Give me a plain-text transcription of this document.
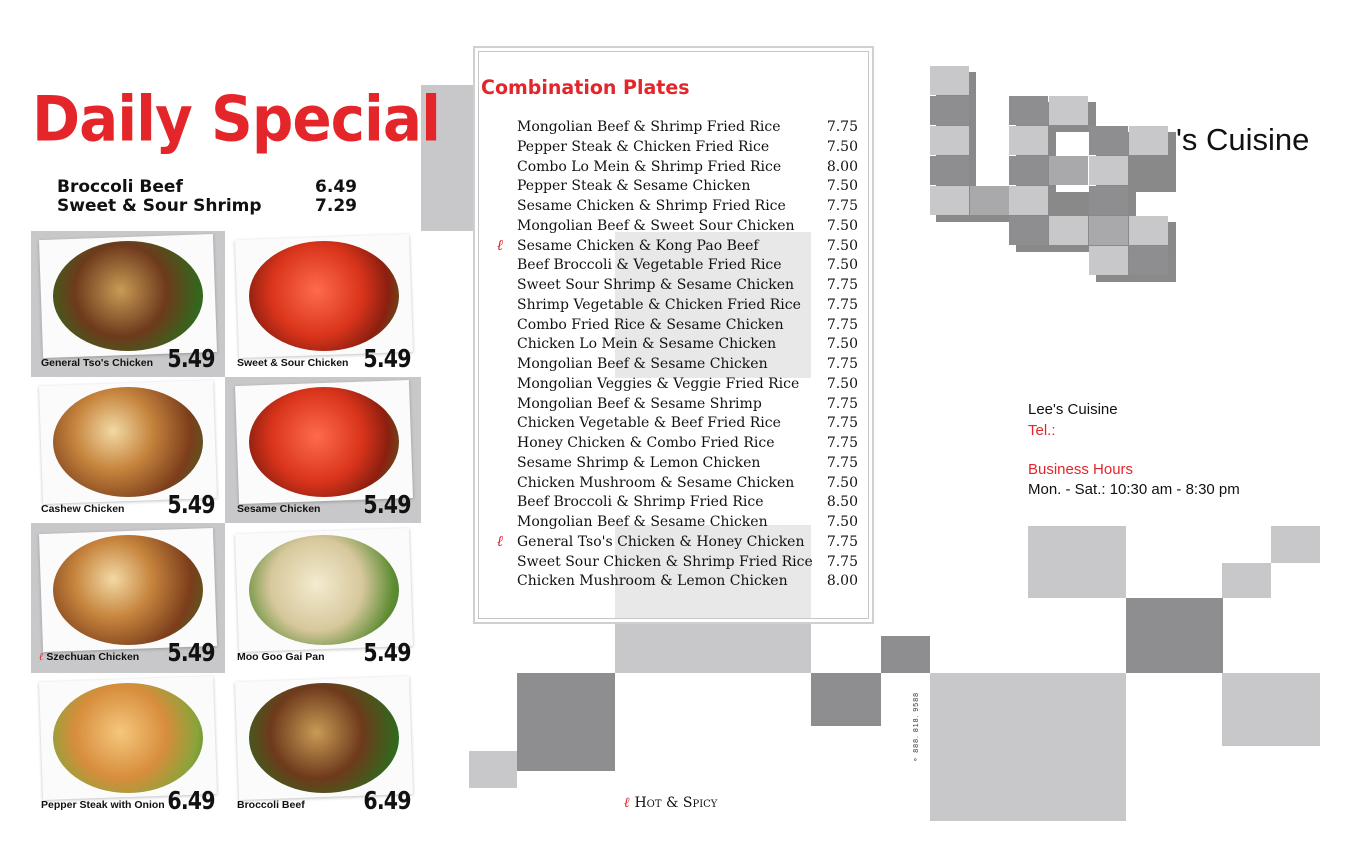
Daily Special
Broccoli Beef	6.49
Sweet & Sour Shrimp	7.29
General Tso's Chicken 5.49 Sweet & Sour Chicken 5.49
Cashew Chicken 5.49 Sesame Chicken 5.49
ℓ Szechuan Chicken 5.49 Moo Goo Gai Pan 5.49
Pepper Steak with Onion 6.49 Broccoli Beef 6.49
Combination Plates
Mongolian Beef & Shrimp Fried Rice	7.75
Pepper Steak & Chicken Fried Rice	7.50
Combo Lo Mein & Shrimp Fried Rice	8.00
Pepper Steak & Sesame Chicken	7.50
Sesame Chicken & Shrimp Fried Rice	7.75
Mongolian Beef & Sweet Sour Chicken 7.50
ℓ Sesame Chicken & Kong Pao Beef	7.50
Beef Broccoli & Vegetable Fried Rice	7.50
Sweet Sour Shrimp & Sesame Chicken 7.75
Shrimp Vegetable & Chicken Fried Rice 7.75
Combo Fried Rice & Sesame Chicken	7.75
Chicken Lo Mein & Sesame Chicken	7.50
Mongolian Beef & Sesame Chicken	7.75
Mongolian Veggies & Veggie Fried Rice 7.50
Mongolian Beef & Sesame Shrimp	7.75
Chicken Vegetable & Beef Fried Rice	7.75
Honey Chicken & Combo Fried Rice	7.75
Sesame Shrimp & Lemon Chicken	7.75
Chicken Mushroom & Sesame Chicken 7.50
Beef Broccoli & Shrimp Fried Rice	8.50
Mongolian Beef & Sesame Chicken	7.50
ℓ General Tso's Chicken & Honey Chicken 7.75
Sweet Sour Chicken & Shrimp Fried Rice 7.75
Chicken Mushroom & Lemon Chicken	8.00
's Cuisine
Lee's Cuisine
Tel.:
Business Hours
Mon. - Sat.: 10:30 am - 8:30 pm
ℓ Hot & Spicy
⚬ 888. 818. 9588
